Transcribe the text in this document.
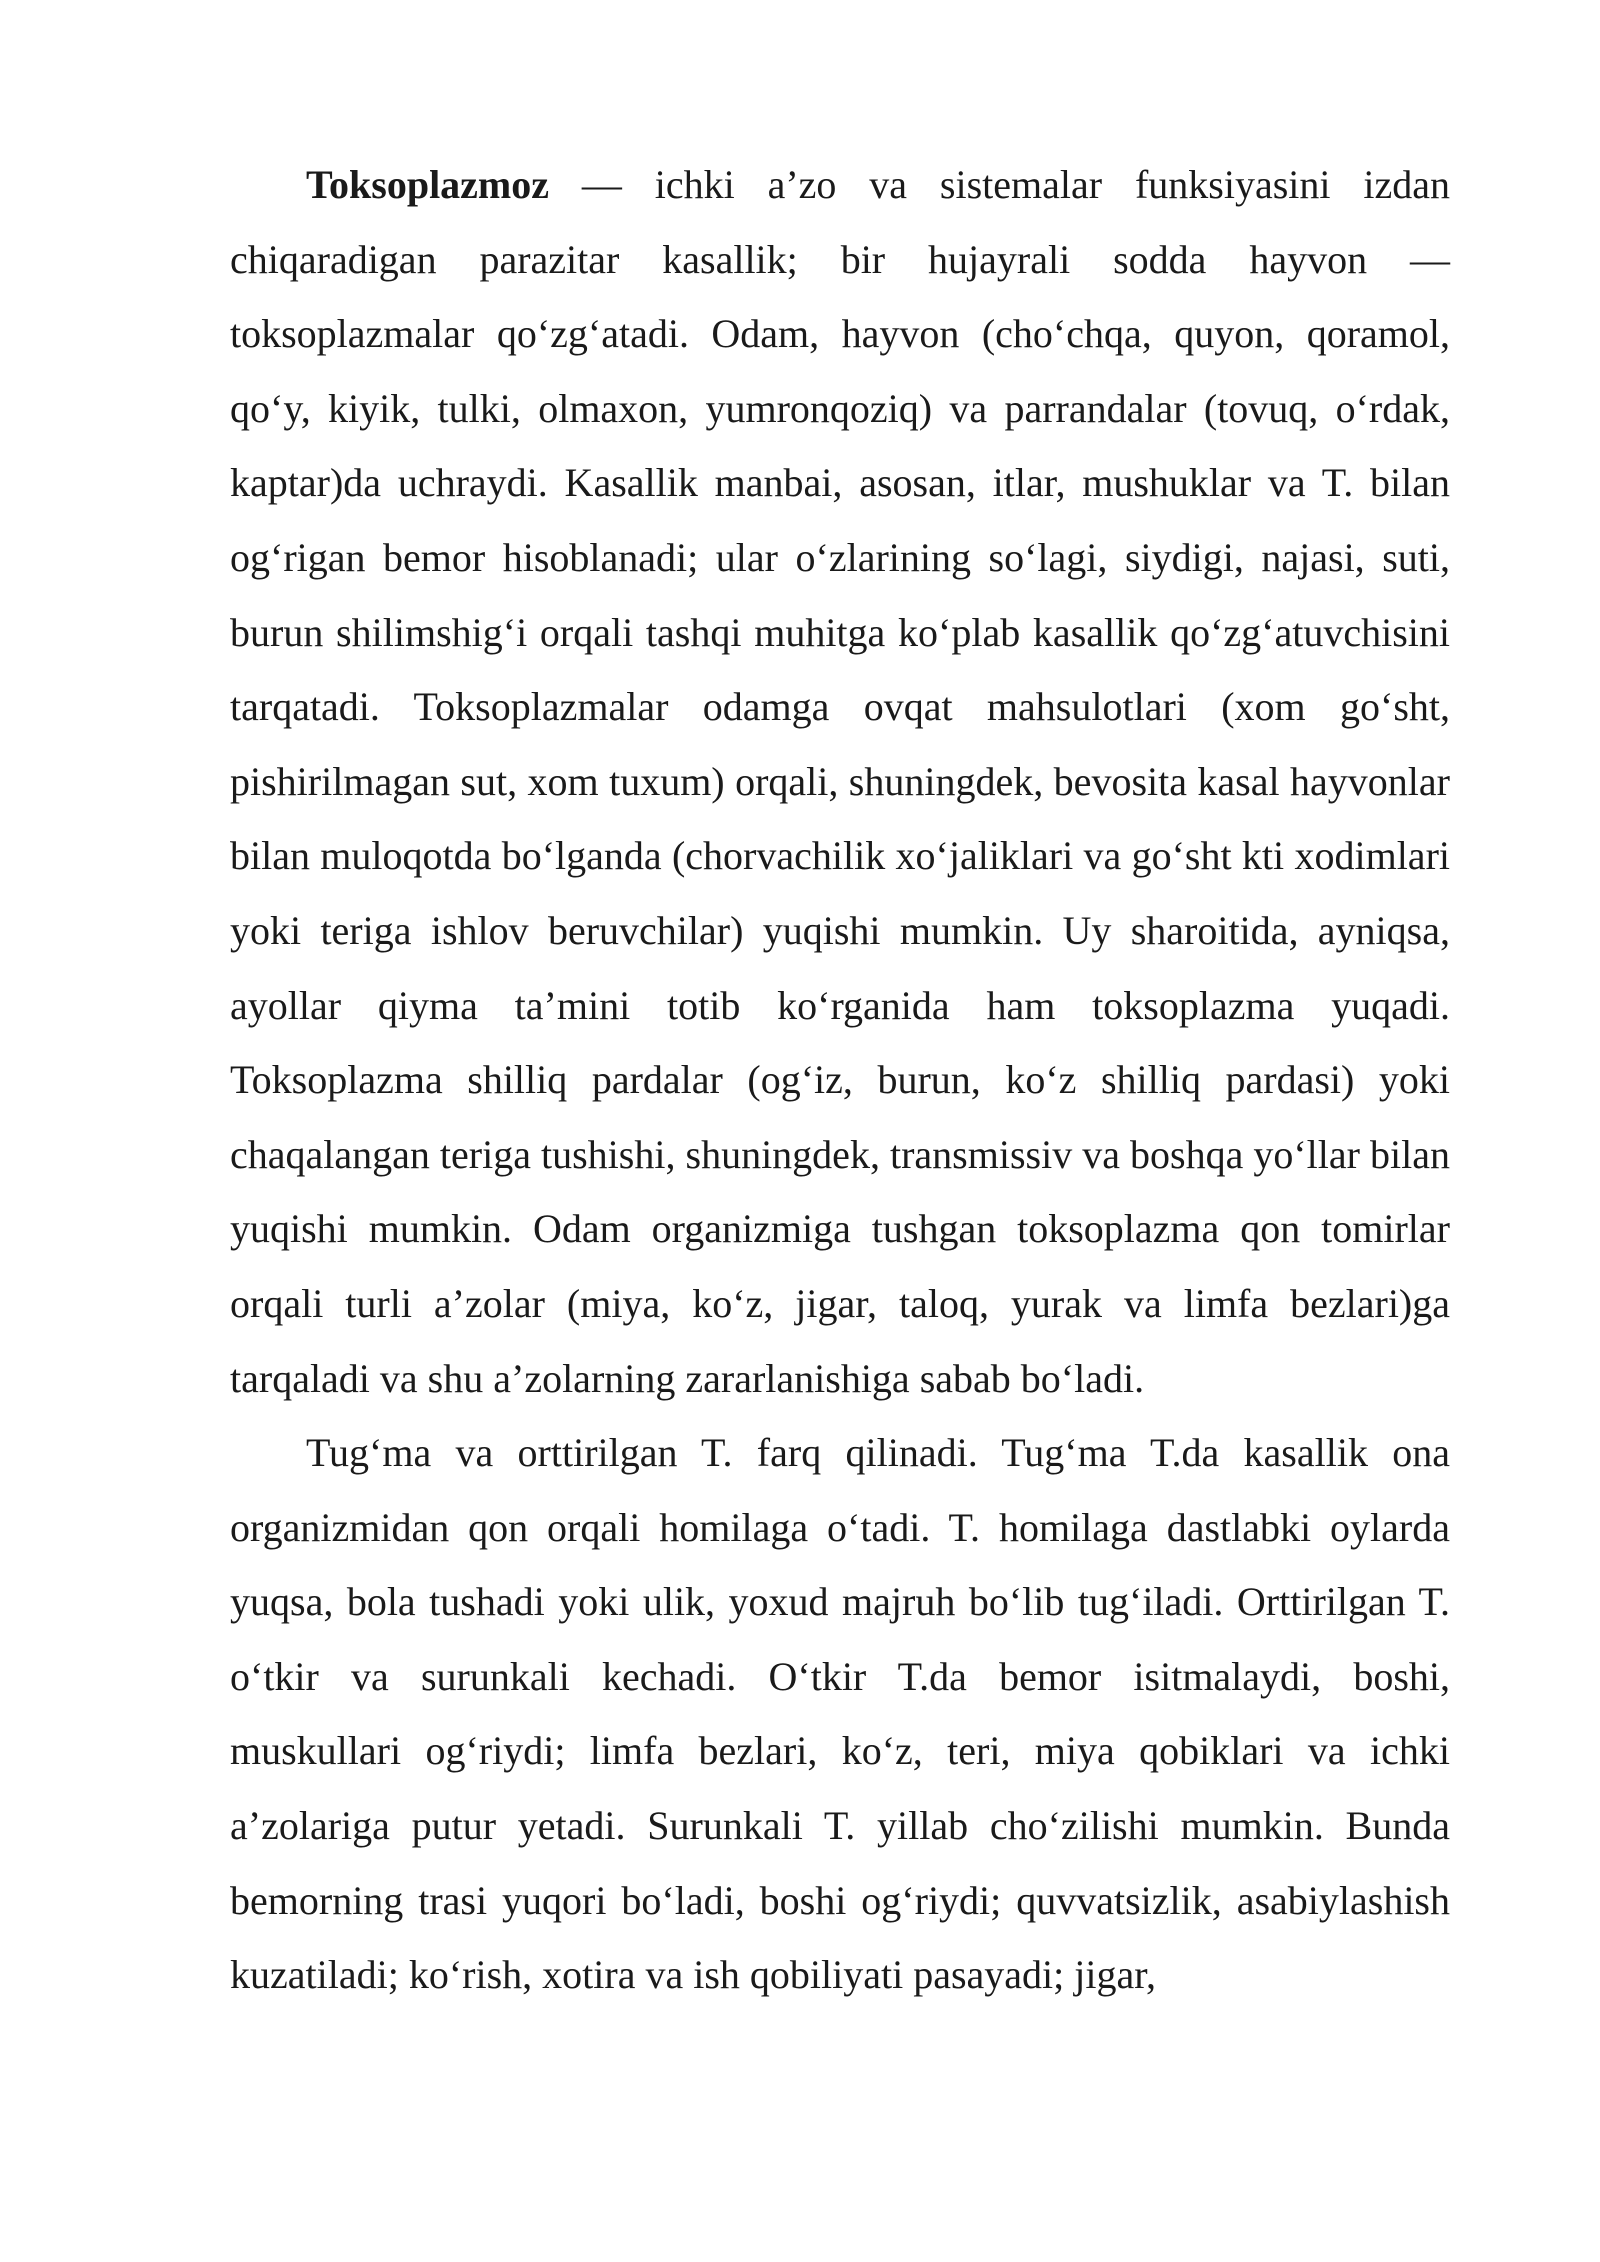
Toksoplazmoz — ichki a’zo va sistemalar funksiyasini izdan chiqaradigan parazitar kasallik; bir hujayrali sodda hayvon — toksoplazmalar qo‘zg‘atadi. Odam, hayvon (cho‘chqa, quyon, qoramol, qo‘y, kiyik, tulki, olmaxon, yumronqoziq) va parrandalar (tovuq, o‘rdak, kaptar)da uchraydi. Kasallik manbai, asosan, itlar, mushuklar va T. bilan og‘rigan bemor hisoblanadi; ular o‘zlarining so‘lagi, siydigi, najasi, suti, burun shilimshig‘i orqali tashqi muhitga ko‘plab kasallik qo‘zg‘atuvchisini tarqatadi. Toksoplazmalar odamga ovqat mahsulotlari (xom go‘sht, pishirilmagan sut, xom tuxum) orqali, shuningdek, bevosita kasal hayvonlar bilan muloqotda bo‘lganda (chorvachilik xo‘jaliklari va go‘sht kti xodimlari yoki teriga ishlov beruvchilar) yuqishi mumkin. Uy sharoitida, ayniqsa, ayollar qiyma ta’mini totib ko‘rganida ham toksoplazma yuqadi. Toksoplazma shilliq pardalar (og‘iz, burun, ko‘z shilliq pardasi) yoki chaqalangan teriga tushishi, shuningdek, transmissiv va boshqa yo‘llar bilan yuqishi mumkin. Odam organizmiga tushgan toksoplazma qon tomirlar orqali turli a’zolar (miya, ko‘z, jigar, taloq, yurak va limfa bezlari)ga tarqaladi va shu a’zolarning zararlanishiga sabab bo‘ladi.

Tug‘ma va orttirilgan T. farq qilinadi. Tug‘ma T.da kasallik ona organizmidan qon orqali homilaga o‘tadi. T. homilaga dastlabki oylarda yuqsa, bola tushadi yoki ulik, yoxud majruh bo‘lib tug‘iladi. Orttirilgan T. o‘tkir va surunkali kechadi. O‘tkir T.da bemor isitmalaydi, boshi, muskullari og‘riydi; limfa bezlari, ko‘z, teri, miya qobiklari va ichki a’zolariga putur yetadi. Surunkali T. yillab cho‘zilishi mumkin. Bunda bemorning trasi yuqori bo‘ladi, boshi og‘riydi; quvvatsizlik, asabiylashish kuzatiladi; ko‘rish, xotira va ish qobiliyati pasayadi; jigar,
